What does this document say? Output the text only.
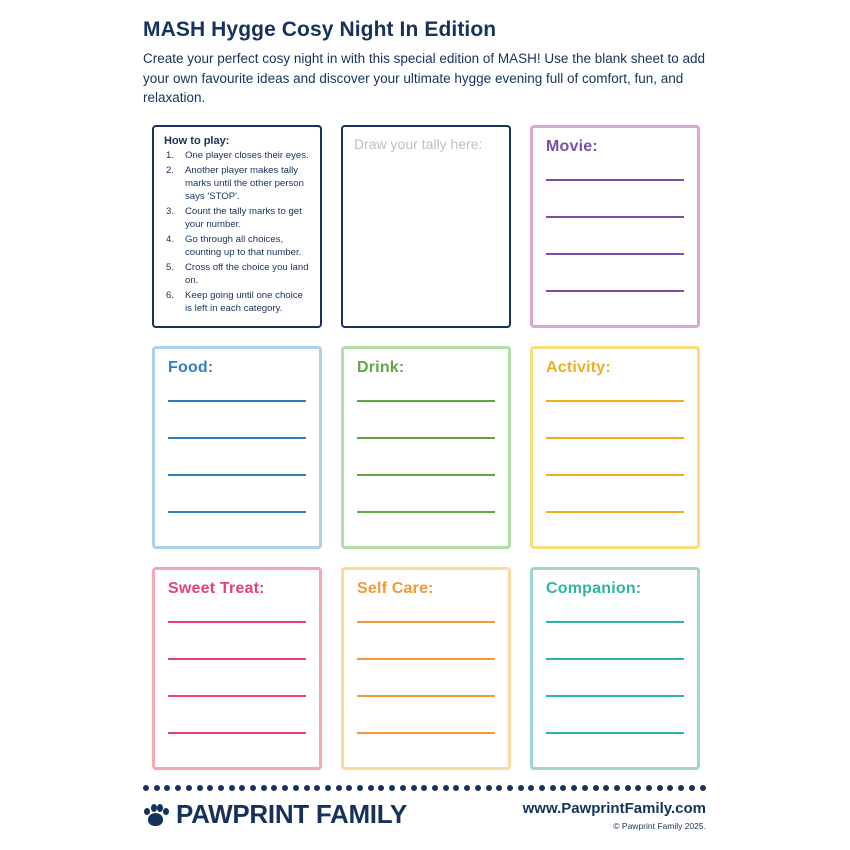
MASH Hygge Cosy Night In Edition

Create your perfect cosy night in with this special edition of MASH! Use the blank sheet to add your own favourite ideas and discover your ultimate hygge evening full of comfort, fun, and relaxation.

How to play:
One player closes their eyes.
Another player makes tally marks until the other person says 'STOP'.
Count the tally marks to get your number.
Go through all choices, counting up to that number.
Cross off the choice you land on.
Keep going until one choice is left in each category.
Draw your tally here:	Movie:
Food:	Drink:	Activity:
Sweet Treat:	Self Care:	Companion:
PAWPRINT FAMILY	www.PawprintFamily.com
© Pawprint Family 2025.
